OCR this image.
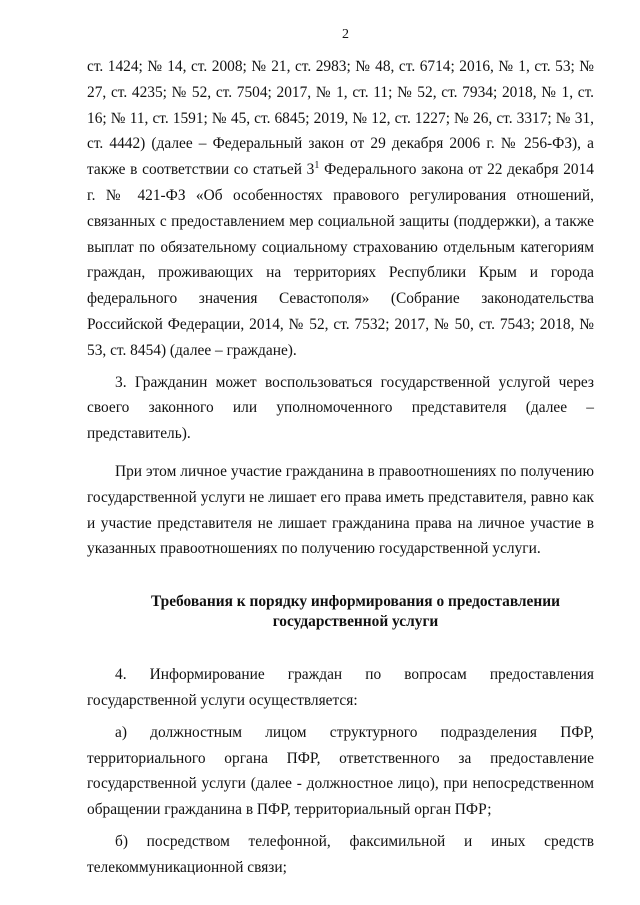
2

ст. 1424; № 14, ст. 2008; № 21, ст. 2983; № 48, ст. 6714; 2016, № 1, ст. 53; № 27, ст. 4235; № 52, ст. 7504; 2017, № 1, ст. 11; № 52, ст. 7934; 2018, № 1, ст. 16; № 11, ст. 1591; № 45, ст. 6845; 2019, № 12, ст. 1227; № 26, ст. 3317; № 31, ст. 4442) (далее – Федеральный закон от 29 декабря 2006 г. № 256-ФЗ), а также в соответствии со статьей $3^1$ Федерального закона от 22 декабря 2014 г. № 421-ФЗ «Об особенностях правового регулирования отношений, связанных с предоставлением мер социальной защиты (поддержки), а также выплат по обязательному социальному страхованию отдельным категориям граждан, проживающих на территориях Республики Крым и города федерального значения Севастополя» (Собрание законодательства Российской Федерации, 2014, № 52, ст. 7532; 2017, № 50, ст. 7543; 2018, № 53, ст. 8454) (далее – граждане).

3. Гражданин может воспользоваться государственной услугой через своего законного или уполномоченного представителя (далее – представитель).

При этом личное участие гражданина в правоотношениях по получению государственной услуги не лишает его права иметь представителя, равно как и участие представителя не лишает гражданина права на личное участие в указанных правоотношениях по получению государственной услуги.

Требования к порядку информирования о предоставлении
государственной услуги

4. Информирование граждан по вопросам предоставления государственной услуги осуществляется:

а) должностным лицом структурного подразделения ПФР, территориального органа ПФР, ответственного за предоставление государственной услуги (далее - должностное лицо), при непосредственном обращении гражданина в ПФР, территориальный орган ПФР;

б) посредством телефонной, факсимильной и иных средств телекоммуникационной связи;
